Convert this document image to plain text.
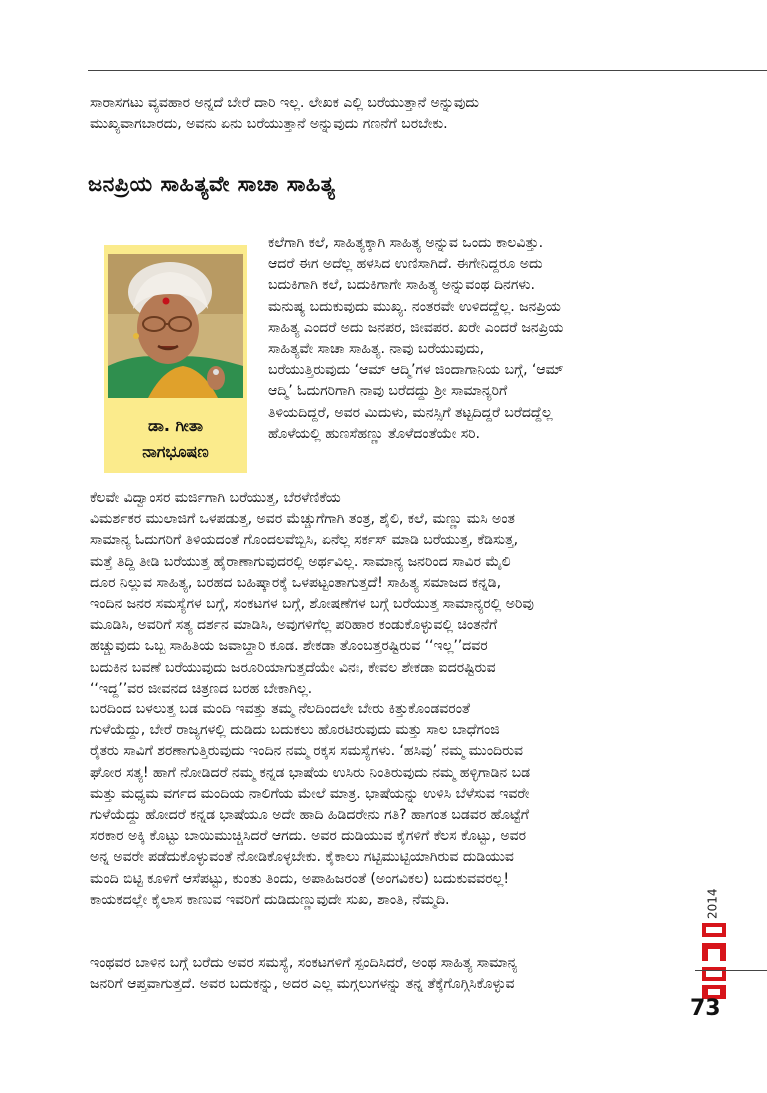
ಸಾರಾಸಗಟು ವ್ಯವಹಾರ ಅನ್ನದೆ ಬೇರೆ ದಾರಿ ಇಲ್ಲ. ಲೇಖಕ ಎಲ್ಲಿ ಬರೆಯುತ್ತಾನೆ ಅನ್ನುವುದು
ಮುಖ್ಯವಾಗಬಾರದು, ಅವನು ಏನು ಬರೆಯುತ್ತಾನೆ ಅನ್ನುವುದು ಗಣನೆಗೆ ಬರಬೇಕು.
ಜನಪ್ರಿಯ ಸಾಹಿತ್ಯವೇ ಸಾಚಾ ಸಾಹಿತ್ಯ
ಡಾ. ಗೀತಾ
ನಾಗಭೂಷಣ
ಕಲೆಗಾಗಿ ಕಲೆ, ಸಾಹಿತ್ಯಕ್ಕಾಗಿ ಸಾಹಿತ್ಯ ಅನ್ನುವ ಒಂದು ಕಾಲವಿತ್ತು.
ಆದರೆ ಈಗ ಅದೆಲ್ಲ ಹಳಸಿದ ಉಣಿಸಾಗಿದೆ. ಈಗೇನಿದ್ದರೂ ಅದು
ಬದುಕಿಗಾಗಿ ಕಲೆ, ಬದುಕಿಗಾಗೇ ಸಾಹಿತ್ಯ ಅನ್ನುವಂಥ ದಿನಗಳು.
ಮನುಷ್ಯ ಬದುಕುವುದು ಮುಖ್ಯ. ನಂತರವೇ ಉಳಿದದ್ದೆಲ್ಲ. ಜನಪ್ರಿಯ
ಸಾಹಿತ್ಯ ಎಂದರೆ ಅದು ಜನಪರ, ಜೀವಪರ. ಖರೇ ಎಂದರೆ ಜನಪ್ರಿಯ
ಸಾಹಿತ್ಯವೇ ಸಾಚಾ ಸಾಹಿತ್ಯ. ನಾವು ಬರೆಯುವುದು,
ಬರೆಯುತ್ತಿರುವುದು ‘ಆಮ್ ಆದ್ಮಿ’ಗಳ ಜಿಂದಾಗಾನಿಯ ಬಗ್ಗೆ, ‘ಆಮ್
ಆದ್ಮಿ’ ಓದುಗರಿಗಾಗಿ ನಾವು ಬರೆದದ್ದು ಶ್ರೀ ಸಾಮಾನ್ಯರಿಗೆ
ತಿಳಿಯದಿದ್ದರೆ, ಅವರ ಮಿದುಳು, ಮನಸ್ಸಿಗೆ ತಟ್ಟದಿದ್ದರೆ ಬರೆದದ್ದೆಲ್ಲ
ಹೊಳೆಯಲ್ಲಿ ಹುಣಸೆಹಣ್ಣು ತೊಳೆದಂತೆಯೇ ಸರಿ.
ಕೆಲವೇ ವಿದ್ವಾಂಸರ ಮರ್ಜಿಗಾಗಿ ಬರೆಯುತ್ತ, ಬೆರಳೆಣಿಕೆಯ
ವಿಮರ್ಶಕರ ಮುಲಾಜಿಗೆ ಒಳಪಡುತ್ತ, ಅವರ ಮೆಚ್ಚುಗೆಗಾಗಿ ತಂತ್ರ, ಶೈಲಿ, ಕಲೆ, ಮಣ್ಣು ಮಸಿ ಅಂತ
ಸಾಮಾನ್ಯ ಓದುಗರಿಗೆ ತಿಳಿಯದಂತೆ ಗೊಂದಲವೆಬ್ಬಿಸಿ, ಏನೆಲ್ಲ ಸರ್ಕಸ್ ಮಾಡಿ ಬರೆಯುತ್ತ, ಕೆಡಿಸುತ್ತ,
ಮತ್ತೆ ತಿದ್ದಿ ತೀಡಿ ಬರೆಯುತ್ತ ಹೈರಾಣಾಗುವುದರಲ್ಲಿ ಅರ್ಥವಿಲ್ಲ. ಸಾಮಾನ್ಯ ಜನರಿಂದ ಸಾವಿರ ಮೈಲಿ
ದೂರ ನಿಲ್ಲುವ ಸಾಹಿತ್ಯ, ಬರಹದ ಬಹಿಷ್ಕಾರಕ್ಕೆ ಒಳಪಟ್ಟಂತಾಗುತ್ತದೆ! ಸಾಹಿತ್ಯ ಸಮಾಜದ ಕನ್ನಡಿ,
ಇಂದಿನ ಜನರ ಸಮಸ್ಯೆಗಳ ಬಗ್ಗೆ, ಸಂಕಟಗಳ ಬಗ್ಗೆ, ಶೋಷಣೆಗಳ ಬಗ್ಗೆ ಬರೆಯುತ್ತ ಸಾಮಾನ್ಯರಲ್ಲಿ ಅರಿವು
ಮೂಡಿಸಿ, ಅವರಿಗೆ ಸತ್ಯ ದರ್ಶನ ಮಾಡಿಸಿ, ಅವುಗಳಿಗೆಲ್ಲ ಪರಿಹಾರ ಕಂಡುಕೊಳ್ಳುವಲ್ಲಿ ಚಿಂತನೆಗೆ
ಹಚ್ಚುವುದು ಒಬ್ಬ ಸಾಹಿತಿಯ ಜವಾಬ್ದಾರಿ ಕೂಡ. ಶೇಕಡಾ ತೊಂಬತ್ತರಷ್ಟಿರುವ ‘‘ಇಲ್ಲ’’ದವರ
ಬದುಕಿನ ಬವಣೆ ಬರೆಯುವುದು ಜರೂರಿಯಾಗುತ್ತದೆಯೇ ವಿನಃ, ಕೇವಲ ಶೇಕಡಾ ಐದರಷ್ಟಿರುವ
‘‘ಇದ್ದ’’ವರ ಜೀವನದ ಚಿತ್ರಣದ ಬರಹ ಬೇಕಾಗಿಲ್ಲ.
ಬರದಿಂದ ಬಳಲುತ್ತ ಬಡ ಮಂದಿ ಇವತ್ತು ತಮ್ಮ ನೆಲದಿಂದಲೇ ಬೇರು ಕಿತ್ತುಕೊಂಡವರಂತೆ
ಗುಳೆಯೆದ್ದು, ಬೇರೆ ರಾಜ್ಯಗಳಲ್ಲಿ ದುಡಿದು ಬದುಕಲು ಹೊರಟಿರುವುದು ಮತ್ತು ಸಾಲ ಬಾಧೆಗಂಜಿ
ರೈತರು ಸಾವಿಗೆ ಶರಣಾಗುತ್ತಿರುವುದು ಇಂದಿನ ನಮ್ಮ ರಕ್ಕಸ ಸಮಸ್ಯೆಗಳು. ‘ಹಸಿವು’ ನಮ್ಮ ಮುಂದಿರುವ
ಘೋರ ಸತ್ಯ! ಹಾಗೆ ನೋಡಿದರೆ ನಮ್ಮ ಕನ್ನಡ ಭಾಷೆಯ ಉಸಿರು ನಿಂತಿರುವುದು ನಮ್ಮ ಹಳ್ಳಿಗಾಡಿನ ಬಡ
ಮತ್ತು ಮಧ್ಯಮ ವರ್ಗದ ಮಂದಿಯ ನಾಲಿಗೆಯ ಮೇಲೆ ಮಾತ್ರ. ಭಾಷೆಯನ್ನು ಉಳಿಸಿ ಬೆಳೆಸುವ ಇವರೇ
ಗುಳೆಯೆದ್ದು ಹೋದರೆ ಕನ್ನಡ ಭಾಷೆಯೂ ಅದೇ ಹಾದಿ ಹಿಡಿದರೇನು ಗತಿ? ಹಾಗಂತ ಬಡವರ ಹೊಟ್ಟೆಗೆ
ಸರಕಾರ ಅಕ್ಕಿ ಕೊಟ್ಟು ಬಾಯಿಮುಚ್ಚಿಸಿದರೆ ಆಗದು. ಅವರ ದುಡಿಯುವ ಕೈಗಳಿಗೆ ಕೆಲಸ ಕೊಟ್ಟು, ಅವರ
ಅನ್ನ ಅವರೇ ಪಡೆದುಕೊಳ್ಳುವಂತೆ ನೋಡಿಕೊಳ್ಳಬೇಕು. ಕೈಕಾಲು ಗಟ್ಟಿಮುಟ್ಟಿಯಾಗಿರುವ ದುಡಿಯುವ
ಮಂದಿ ಬಿಟ್ಟಿ ಕೂಳಿಗೆ ಆಸೆಪಟ್ಟು, ಕುಂತು ತಿಂದು, ಅಪಾಹಿಜರಂತೆ (ಅಂಗವಿಕಲ) ಬದುಕುವವರಲ್ಲ!
ಕಾಯಕದಲ್ಲೇ ಕೈಲಾಸ ಕಾಣುವ ಇವರಿಗೆ ದುಡಿದುಣ್ಣುವುದೇ ಸುಖ, ಶಾಂತಿ, ನೆಮ್ಮದಿ.
ಇಂಥವರ ಬಾಳಿನ ಬಗ್ಗೆ ಬರೆದು ಅವರ ಸಮಸ್ಯೆ, ಸಂಕಟಗಳಿಗೆ ಸ್ಪಂದಿಸಿದರೆ, ಅಂಥ ಸಾಹಿತ್ಯ ಸಾಮಾನ್ಯ
ಜನರಿಗೆ ಆಪ್ತವಾಗುತ್ತದೆ. ಅವರ ಬದುಕನ್ನು, ಅದರ ಎಲ್ಲ ಮಗ್ಗಲುಗಳನ್ನು ತನ್ನ ತೆಕ್ಕೆಗೊಗ್ಗಿಸಿಕೊಳ್ಳುವ
73
